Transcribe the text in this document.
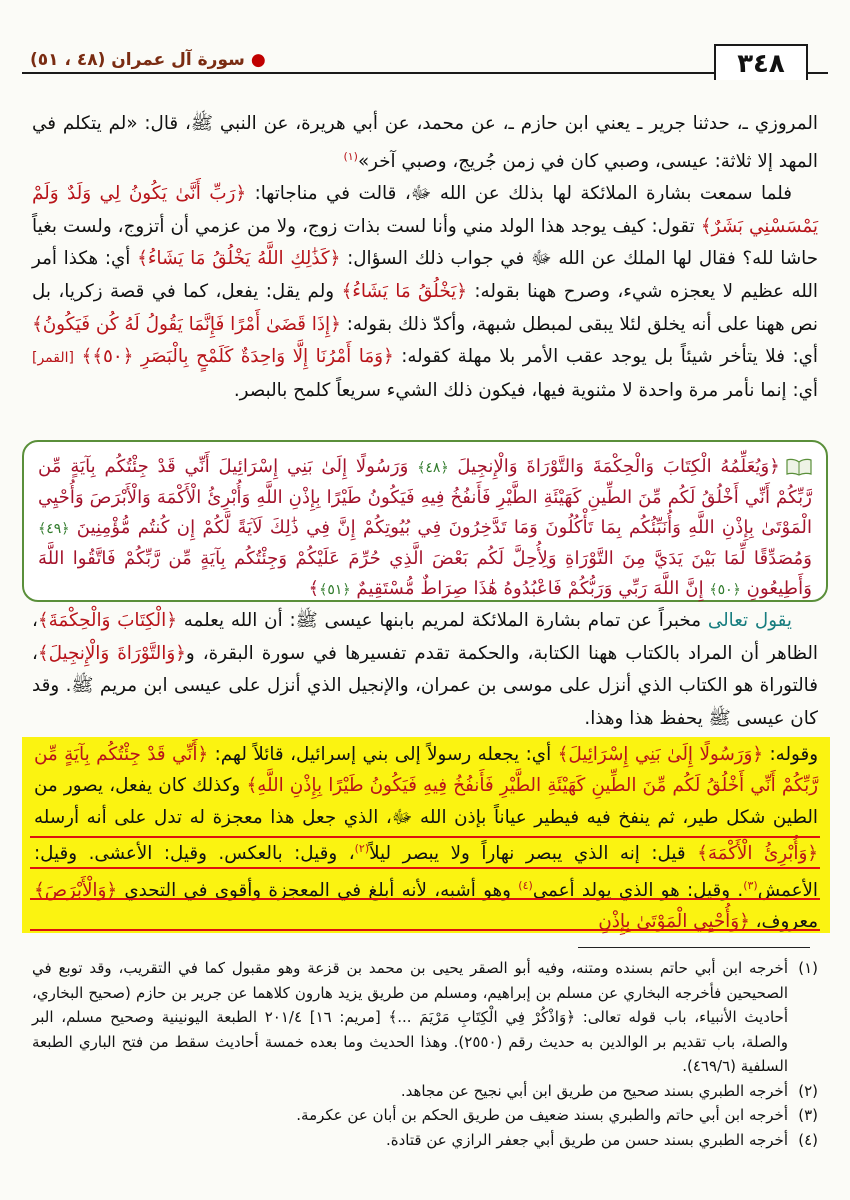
٣٤٨
●سورة آل عمران (٤٨ ، ٥١)

المروزي ـ، حدثنا جرير ـ يعني ابن حازم ـ، عن محمد، عن أبي هريرة، عن النبي ﷺ، قال: «لم يتكلم في المهد إلا ثلاثة: عيسى، وصبي كان في زمن جُريج، وصبي آخر»$^{(١)}$

فلما سمعت بشارة الملائكة لها بذلك عن الله ﷻ، قالت في مناجاتها: ﴿رَبِّ أَنَّىٰ يَكُونُ لِي وَلَدٌ وَلَمْ يَمْسَسْنِي بَشَرٌ﴾ تقول: كيف يوجد هذا الولد مني وأنا لست بذات زوج، ولا من عزمي أن أتزوج، ولست بغياً حاشا لله؟ فقال لها الملك عن الله ﷻ في جواب ذلك السؤال: ﴿كَذَٰلِكِ اللَّهُ يَخْلُقُ مَا يَشَاءُ﴾ أي: هكذا أمر الله عظيم لا يعجزه شيء، وصرح ههنا بقوله: ﴿يَخْلُقُ مَا يَشَاءُ﴾ ولم يقل: يفعل، كما في قصة زكريا، بل نص ههنا على أنه يخلق لئلا يبقى لمبطل شبهة، وأكدّ ذلك بقوله: ﴿إِذَا قَضَىٰ أَمْرًا فَإِنَّمَا يَقُولُ لَهُ كُن فَيَكُونُ﴾ أي: فلا يتأخر شيئاً بل يوجد عقب الأمر بلا مهلة كقوله: ﴿وَمَا أَمْرُنَا إِلَّا وَاحِدَةٌ كَلَمْحٍ بِالْبَصَرِ ﴿٥٠﴾﴾ [القمر] أي: إنما نأمر مرة واحدة لا مثنوية فيها، فيكون ذلك الشيء سريعاً كلمح بالبصر.

﴿وَيُعَلِّمُهُ الْكِتَابَ وَالْحِكْمَةَ وَالتَّوْرَاةَ وَالْإِنجِيلَ ﴿٤٨﴾ وَرَسُولًا إِلَىٰ بَنِي إِسْرَائِيلَ أَنِّي قَدْ جِئْتُكُم بِآيَةٍ مِّن رَّبِّكُمْ أَنِّي أَخْلُقُ لَكُم مِّنَ الطِّينِ كَهَيْئَةِ الطَّيْرِ فَأَنفُخُ فِيهِ فَيَكُونُ طَيْرًا بِإِذْنِ اللَّهِ وَأُبْرِئُ الْأَكْمَهَ وَالْأَبْرَصَ وَأُحْيِي الْمَوْتَىٰ بِإِذْنِ اللَّهِ وَأُنَبِّئُكُم بِمَا تَأْكُلُونَ وَمَا تَدَّخِرُونَ فِي بُيُوتِكُمْ إِنَّ فِي ذَٰلِكَ لَآيَةً لَّكُمْ إِن كُنتُم مُّؤْمِنِينَ ﴿٤٩﴾ وَمُصَدِّقًا لِّمَا بَيْنَ يَدَيَّ مِنَ التَّوْرَاةِ وَلِأُحِلَّ لَكُم بَعْضَ الَّذِي حُرِّمَ عَلَيْكُمْ وَجِئْتُكُم بِآيَةٍ مِّن رَّبِّكُمْ فَاتَّقُوا اللَّهَ وَأَطِيعُونِ ﴿٥٠﴾ إِنَّ اللَّهَ رَبِّي وَرَبُّكُمْ فَاعْبُدُوهُ هَٰذَا صِرَاطٌ مُّسْتَقِيمٌ ﴿٥١﴾﴾

يقول تعالى مخبراً عن تمام بشارة الملائكة لمريم بابنها عيسى ﷺ: أن الله يعلمه ﴿الْكِتَابَ وَالْحِكْمَةَ﴾، الظاهر أن المراد بالكتاب ههنا الكتابة، والحكمة تقدم تفسيرها في سورة البقرة، و﴿وَالتَّوْرَاةَ وَالْإِنجِيلَ﴾، فالتوراة هو الكتاب الذي أنزل على موسى بن عمران، والإنجيل الذي أنزل على عيسى ابن مريم ﷺ. وقد كان عيسى ﷺ يحفظ هذا وهذا.

وقوله: ﴿وَرَسُولًا إِلَىٰ بَنِي إِسْرَائِيلَ﴾ أي: يجعله رسولاً إلى بني إسرائيل، قائلاً لهم: ﴿أَنِّي قَدْ جِئْتُكُم بِآيَةٍ مِّن رَّبِّكُمْ أَنِّي أَخْلُقُ لَكُم مِّنَ الطِّينِ كَهَيْئَةِ الطَّيْرِ فَأَنفُخُ فِيهِ فَيَكُونُ طَيْرًا بِإِذْنِ اللَّهِ﴾ وكذلك كان يفعل، يصور من الطين شكل طير، ثم ينفخ فيه فيطير عياناً بإذن الله ﷻ، الذي جعل هذا معجزة له تدل على أنه أرسله ﴿وَأُبْرِئُ الْأَكْمَهَ﴾ قيل: إنه الذي يبصر نهاراً ولا يبصر ليلاً$^{(٢)}$، وقيل: بالعكس. وقيل: الأعشى. وقيل: الأعمش$^{(٣)}$. وقيل: هو الذي يولد أعمى$^{(٤)}$ وهو أشبه، لأنه أبلغ في المعجزة وأقوى في التحدي ﴿وَالْأَبْرَصَ﴾ معروف، ﴿وَأُحْيِي الْمَوْتَىٰ بِإِذْنِ

(١)
أخرجه ابن أبي حاتم بسنده ومتنه، وفيه أبو الصقر يحيى بن محمد بن قزعة وهو مقبول كما في التقريب، وقد توبع في الصحيحين فأخرجه البخاري عن مسلم بن إبراهيم، ومسلم من طريق يزيد هارون كلاهما عن جرير بن حازم (صحيح البخاري، أحاديث الأنبياء، باب قوله تعالى: ﴿وَاذْكُرْ فِي الْكِتَابِ مَرْيَمَ ...﴾ [مريم: ١٦] ٢٠١/٤ الطبعة اليونينية وصحيح مسلم، البر والصلة، باب تقديم بر الوالدين به حديث رقم (٢٥٥٠). وهذا الحديث وما بعده خمسة أحاديث سقط من فتح الباري الطبعة السلفية (٤٦٩/٦).
(٢)
أخرجه الطبري بسند صحيح من طريق ابن أبي نجيح عن مجاهد.
(٣)
أخرجه ابن أبي حاتم والطبري بسند ضعيف من طريق الحكم بن أبان عن عكرمة.
(٤)
أخرجه الطبري بسند حسن من طريق أبي جعفر الرازي عن قتادة.
